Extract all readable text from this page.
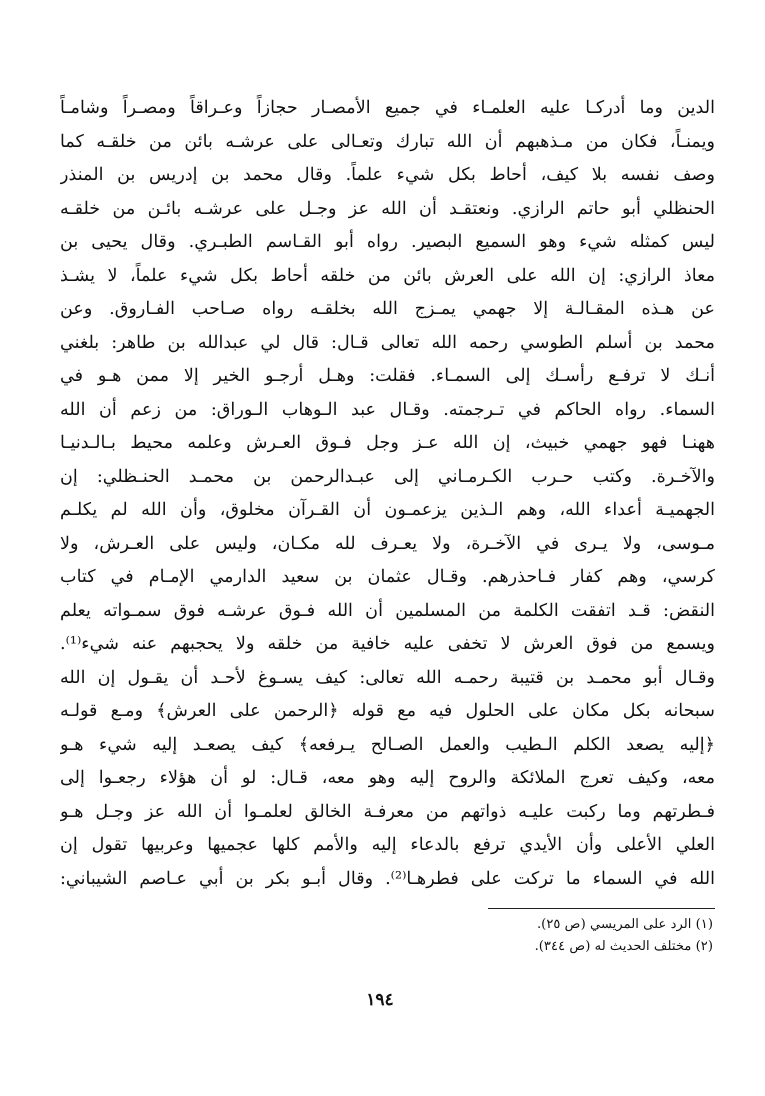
الدين وما أدركـا عليه العلمـاء في جميع الأمصـار حجازاً وعـراقاً ومصـراً وشامـاً
ويمنـاً، فكان من مـذهبهم أن الله تبارك وتعـالى على عرشـه بائن من خلقـه كما
وصف نفسه بلا كيف، أحاط بكل شيء علماً. وقال محمد بن إدريس بن المنذر
الحنظلي أبو حاتم الرازي. ونعتقـد أن الله عز وجـل على عرشـه بائـن من خلقـه
ليس كمثله شيء وهو السميع البصير. رواه أبو القـاسم الطبـري. وقال يحيى بن
معاذ الرازي: إن الله على العرش بائن من خلقه أحاط بكل شيء علماً، لا يشـذ
عن هـذه المقـالـة إلا جهمي يمـزج الله بخلقـه رواه صـاحب الفـاروق. وعن
محمد بن أسلم الطوسي رحمه الله تعالى قـال: قال لي عبدالله بن طاهر: بلغني
أنـك لا ترفـع رأسـك إلى السمـاء. فقلت: وهـل أرجـو الخير إلا ممن هـو في
السماء. رواه الحاكم في تـرجمته. وقـال عبد الـوهاب الـوراق: من زعم أن الله
ههنـا فهو جهمي خبيث، إن الله عـز وجل فـوق العـرش وعلمه محيط بـالـدنيـا
والآخـرة. وكتب حـرب الكـرمـاني إلى عبـدالرحمن بن محمـد الحنـظلي: إن
الجهميـة أعداء الله، وهم الـذين يزعمـون أن القـرآن مخلوق، وأن الله لم يكلـم
مـوسى، ولا يـرى في الآخـرة، ولا يعـرف لله مكـان، وليس على العـرش، ولا
كرسي، وهم كفار فـاحذرهم. وقـال عثمان بن سعيد الدارمي الإمـام في كتاب
النقض: قـد اتفقت الكلمة من المسلمين أن الله فـوق عرشـه فوق سمـواته يعلم
ويسمع من فوق العرش لا تخفى عليه خافية من خلقه ولا يحجبهم عنه شيء⁽¹⁾.
وقـال أبو محمـد بن قتيبة رحمـه الله تعالى: كيف يسـوغ لأحـد أن يقـول إن الله
سبحانه بكل مكان على الحلول فيه مع قوله ﴿الرحمن على العرش﴾ ومـع قولـه
﴿إليه يصعد الكلم الـطيب والعمل الصـالح يـرفعه﴾ كيف يصعـد إليه شيء هـو
معه، وكيف تعرج الملائكة والروح إليه وهو معه، قـال: لو أن هؤلاء رجعـوا إلى
فـطرتهم وما ركبت عليـه ذواتهم من معرفـة الخالق لعلمـوا أن الله عز وجـل هـو
العلي الأعلى وأن الأيدي ترفع بالدعاء إليه والأمم كلها عجميها وعربيها تقول إن
الله في السماء ما تركت على فطرهـا⁽²⁾. وقال أبـو بكر بن أبي عـاصم الشيباني:
(١) الرد على المريسي (ص ٢٥).
(٢) مختلف الحديث له (ص ٣٤٤).
١٩٤
